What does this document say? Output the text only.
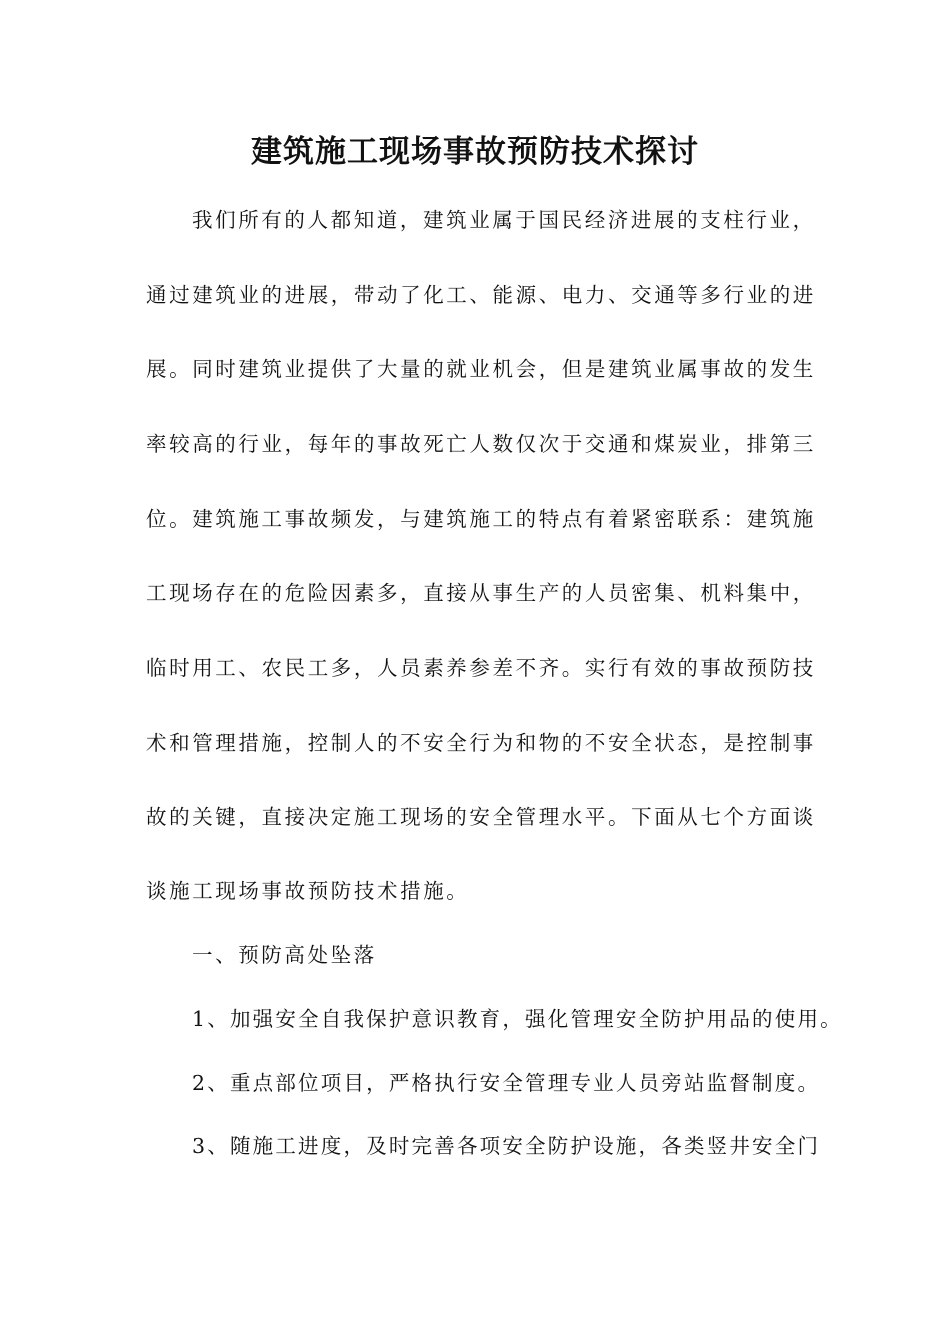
建筑施工现场事故预防技术探讨

我们所有的人都知道，建筑业属于国民经济进展的支柱行业，

通过建筑业的进展，带动了化工、能源、电力、交通等多行业的进

展。同时建筑业提供了大量的就业机会，但是建筑业属事故的发生

率较高的行业，每年的事故死亡人数仅次于交通和煤炭业，排第三

位。建筑施工事故频发，与建筑施工的特点有着紧密联系：建筑施

工现场存在的危险因素多，直接从事生产的人员密集、机料集中，

临时用工、农民工多，人员素养参差不齐。实行有效的事故预防技

术和管理措施，控制人的不安全行为和物的不安全状态，是控制事

故的关键，直接决定施工现场的安全管理水平。下面从七个方面谈

谈施工现场事故预防技术措施。

一、预防高处坠落

1、加强安全自我保护意识教育，强化管理安全防护用品的使用。

2、重点部位项目，严格执行安全管理专业人员旁站监督制度。

3、随施工进度，及时完善各项安全防护设施，各类竖井安全门
